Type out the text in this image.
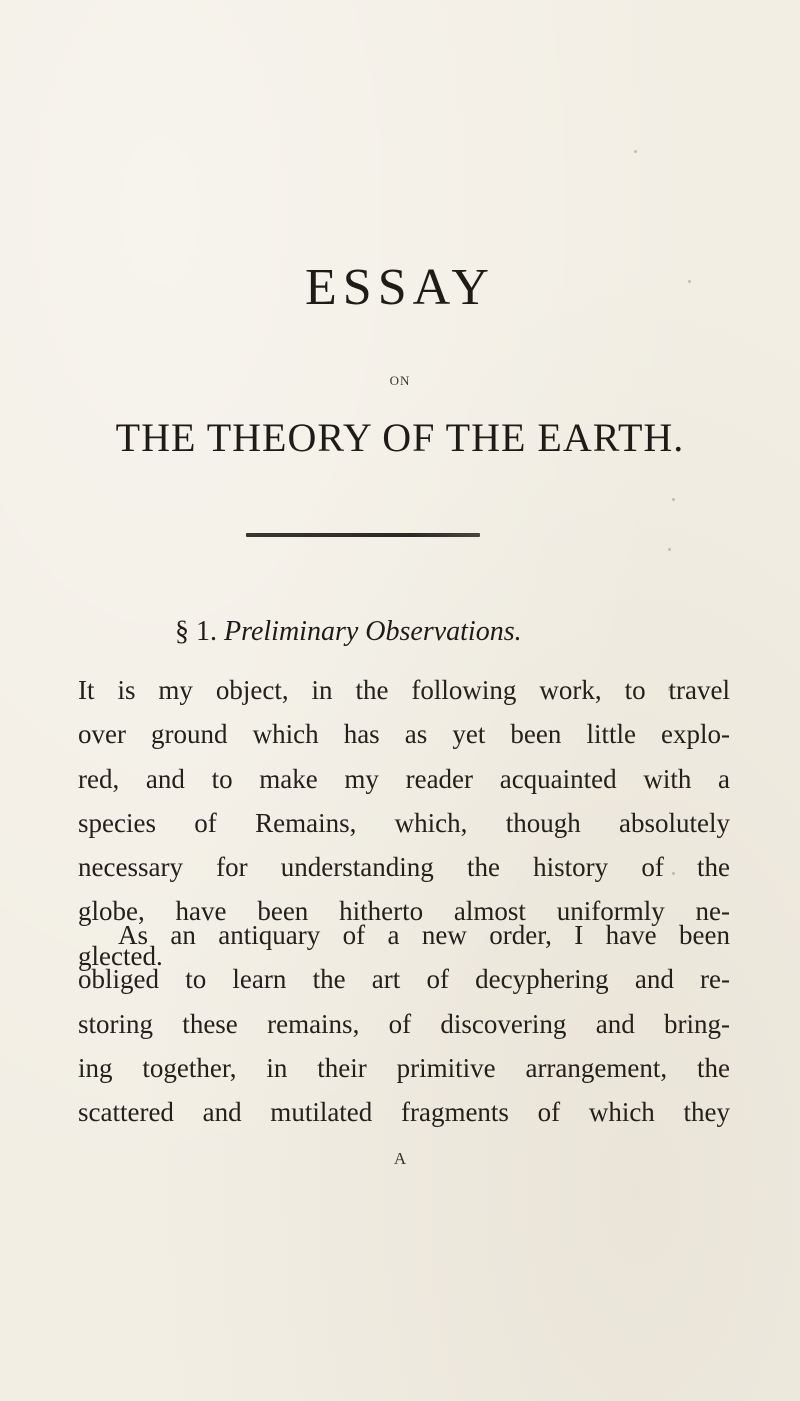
ESSAY
ON
THE THEORY OF THE EARTH.
§ 1. Preliminary Observations.
It is my object, in the following work, to travel
over ground which has as yet been little explo-
red, and to make my reader acquainted with a
species of Remains, which, though absolutely
necessary for understanding the history of the
globe, have been hitherto almost uniformly ne-
glected.
As an antiquary of a new order, I have been
obliged to learn the art of decyphering and re-
storing these remains, of discovering and bring-
ing together, in their primitive arrangement, the
scattered and mutilated fragments of which they
A
